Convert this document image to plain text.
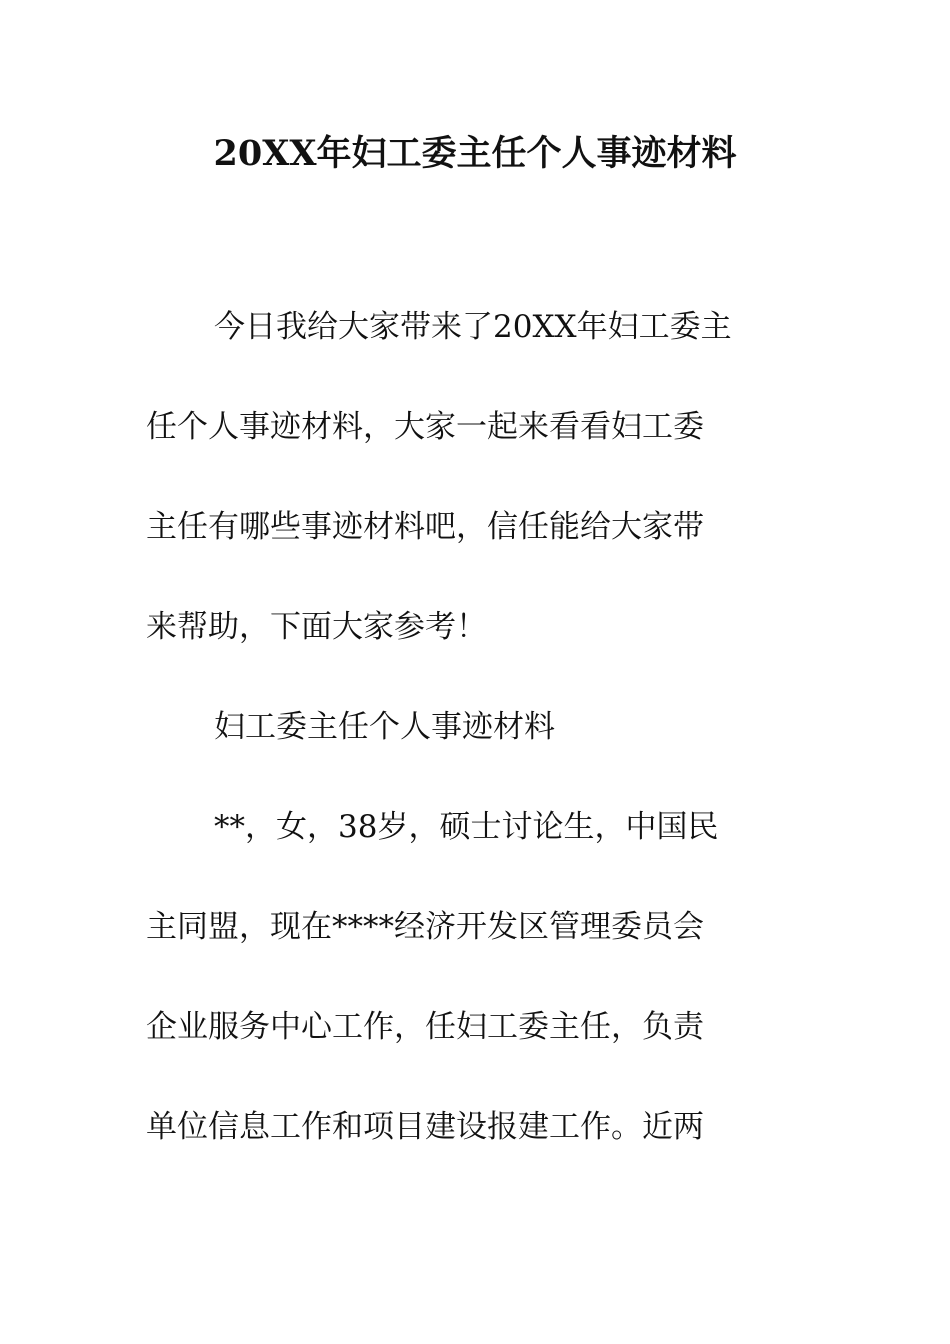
20XX年妇工委主任个人事迹材料

今日我给大家带来了20XX年妇工委主

任个人事迹材料，大家一起来看看妇工委

主任有哪些事迹材料吧，信任能给大家带

来帮助，下面大家参考！

妇工委主任个人事迹材料

**，女，38岁，硕士讨论生，中国民

主同盟，现在****经济开发区管理委员会

企业服务中心工作，任妇工委主任，负责

单位信息工作和项目建设报建工作。近两
